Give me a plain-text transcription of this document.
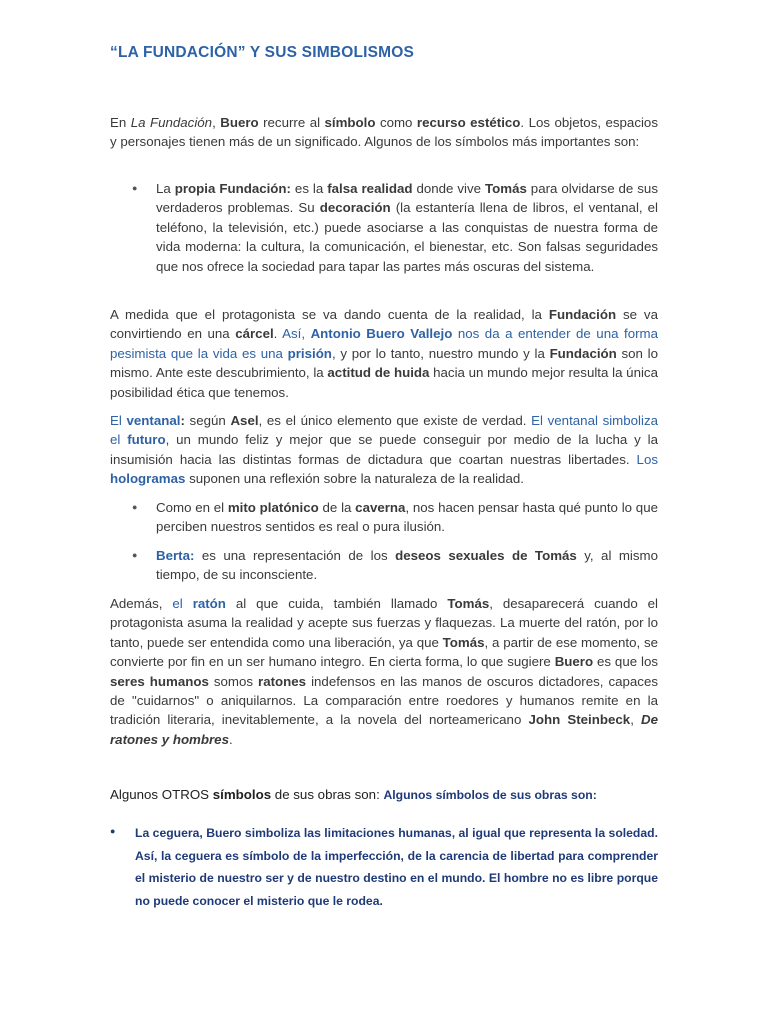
“LA FUNDACIÓN” Y SUS SIMBOLISMOS

En La Fundación, Buero recurre al símbolo como recurso estético. Los objetos, espacios y personajes tienen más de un significado. Algunos de los símbolos más importantes son:

● La propia Fundación: es la falsa realidad donde vive Tomás para olvidarse de sus verdaderos problemas. Su decoración (la estantería llena de libros, el ventanal, el teléfono, la televisión, etc.) puede asociarse a las conquistas de nuestra forma de vida moderna: la cultura, la comunicación, el bienestar, etc. Son falsas seguridades que nos ofrece la sociedad para tapar las partes más oscuras del sistema.

A medida que el protagonista se va dando cuenta de la realidad, la Fundación se va convirtiendo en una cárcel. Así, Antonio Buero Vallejo nos da a entender de una forma pesimista que la vida es una prisión, y por lo tanto, nuestro mundo y la Fundación son lo mismo. Ante este descubrimiento, la actitud de huida hacia un mundo mejor resulta la única posibilidad ética que tenemos.

El ventanal: según Asel, es el único elemento que existe de verdad. El ventanal simboliza el futuro, un mundo feliz y mejor que se puede conseguir por medio de la lucha y la insumisión hacia las distintas formas de dictadura que coartan nuestras libertades. Los hologramas suponen una reflexión sobre la naturaleza de la realidad.

● Como en el mito platónico de la caverna, nos hacen pensar hasta qué punto lo que perciben nuestros sentidos es real o pura ilusión.

● Berta: es una representación de los deseos sexuales de Tomás y, al mismo tiempo, de su inconsciente.

Además, el ratón al que cuida, también llamado Tomás, desaparecerá cuando el protagonista asuma la realidad y acepte sus fuerzas y flaquezas. La muerte del ratón, por lo tanto, puede ser entendida como una liberación, ya que Tomás, a partir de ese momento, se convierte por fin en un ser humano integro. En cierta forma, lo que sugiere Buero es que los seres humanos somos ratones indefensos en las manos de oscuros dictadores, capaces de "cuidarnos" o aniquilarnos. La comparación entre roedores y humanos remite en la tradición literaria, inevitablemente, a la novela del norteamericano John Steinbeck, De ratones y hombres.

Algunos OTROS símbolos de sus obras son: Algunos símbolos de sus obras son:
● La ceguera, Buero simboliza las limitaciones humanas, al igual que representa la soledad. Así, la ceguera es símbolo de la imperfección, de la carencia de libertad para comprender el misterio de nuestro ser y de nuestro destino en el mundo. El hombre no es libre porque no puede conocer el misterio que le rodea.
